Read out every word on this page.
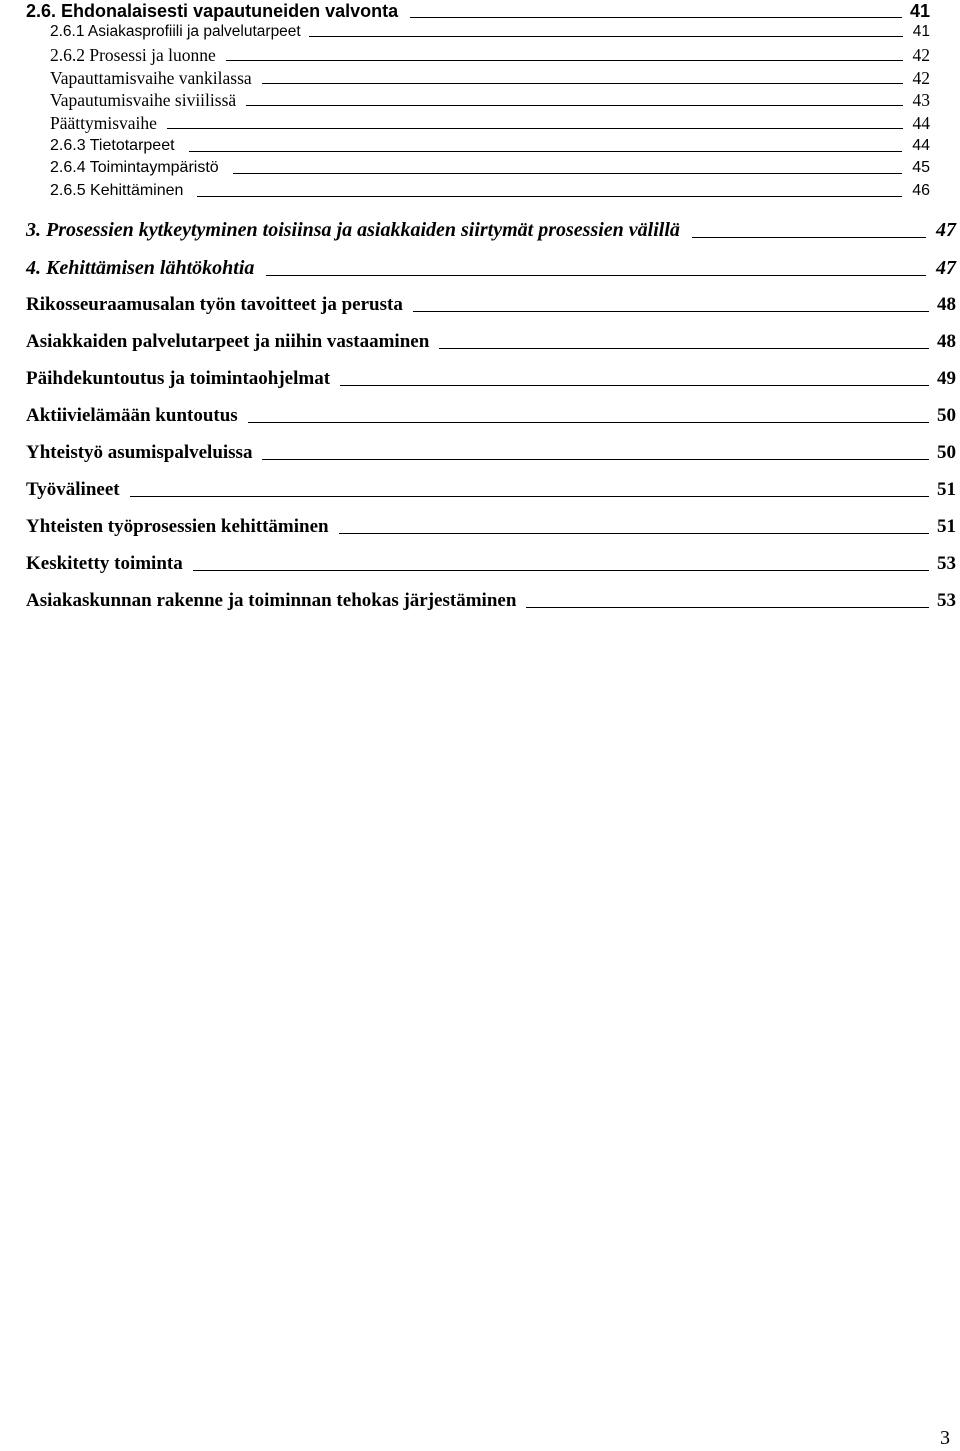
2.6. Ehdonalaisesti vapautuneiden valvonta	41
2.6.1 Asiakasprofiili ja palvelutarpeet	41
2.6.2 Prosessi ja luonne	42
Vapauttamisvaihe vankilassa	42
Vapautumisvaihe siviilissä	43
Päättymisvaihe	44
2.6.3 Tietotarpeet	44
2.6.4 Toimintaympäristö	45
2.6.5 Kehittäminen	46
3. Prosessien kytkeytyminen toisiinsa ja asiakkaiden siirtymät prosessien välillä	47
4. Kehittämisen lähtökohtia	47
Rikosseuraamusalan työn tavoitteet ja perusta	48
Asiakkaiden palvelutarpeet ja niihin vastaaminen	48
Päihdekuntoutus ja toimintaohjelmat	49
Aktiivielämään kuntoutus	50
Yhteistyö asumispalveluissa	50
Työvälineet	51
Yhteisten työprosessien kehittäminen	51
Keskitetty toiminta	53
Asiakaskunnan rakenne ja toiminnan tehokas järjestäminen	53
3
